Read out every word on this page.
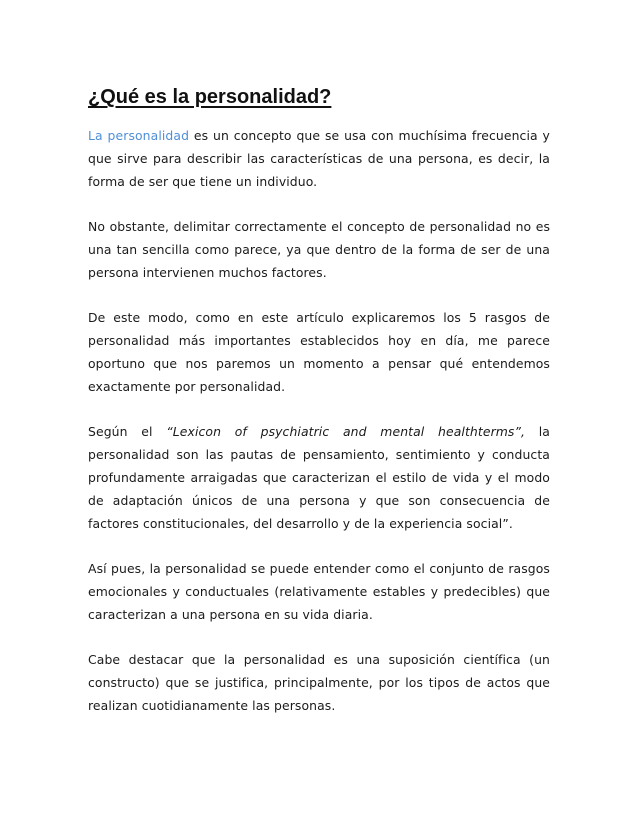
¿Qué es la personalidad?

La personalidad es un concepto que se usa con muchísima frecuencia y que sirve para describir las características de una persona, es decir, la forma de ser que tiene un individuo.

No obstante, delimitar correctamente el concepto de personalidad no es una tan sencilla como parece, ya que dentro de la forma de ser de una persona intervienen muchos factores.

De este modo, como en este artículo explicaremos los 5 rasgos de personalidad más importantes establecidos hoy en día, me parece oportuno que nos paremos un momento a pensar qué entendemos exactamente por personalidad.

Según el “Lexicon of psychiatric and mental healthterms”, la personalidad son las pautas de pensamiento, sentimiento y conducta profundamente arraigadas que caracterizan el estilo de vida y el modo de adaptación únicos de una persona y que son consecuencia de factores constitucionales, del desarrollo y de la experiencia social”.

Así pues, la personalidad se puede entender como el conjunto de rasgos emocionales y conductuales (relativamente estables y predecibles) que caracterizan a una persona en su vida diaria.

Cabe destacar que la personalidad es una suposición científica (un constructo) que se justifica, principalmente, por los tipos de actos que realizan cuotidianamente las personas.
